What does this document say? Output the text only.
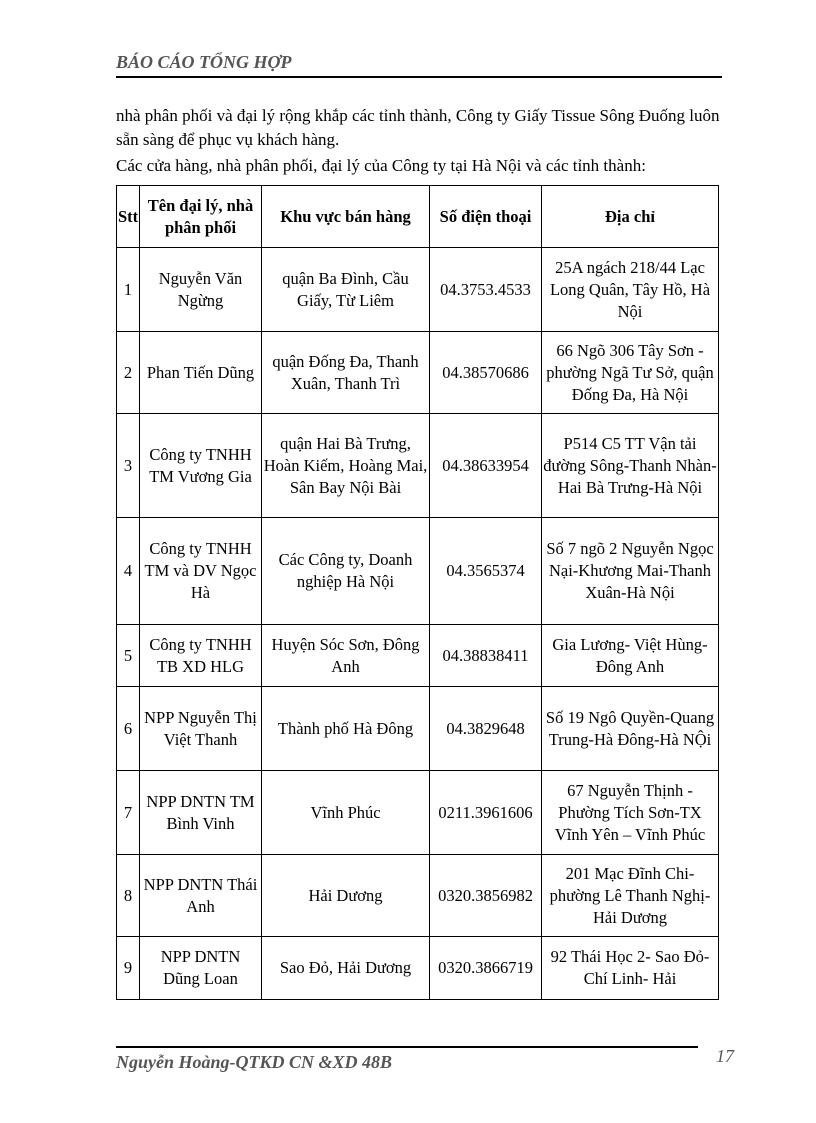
BÁO CÁO TỔNG HỢP

nhà phân phối và đại lý rộng khắp các tỉnh thành, Công ty Giấy Tissue Sông Đuống luôn sẵn sàng để phục vụ khách hàng.

Các cửa hàng, nhà phân phối, đại lý của Công ty tại Hà Nội và các tỉnh thành:

Stt	Tên đại lý, nhà phân phối	Khu vực bán hàng	Số điện thoại	Địa chỉ
1	Nguyễn Văn Ngừng	quận Ba Đình, Cầu Giấy, Từ Liêm	04.3753.4533	25A ngách 218/44 Lạc Long Quân, Tây Hồ, Hà Nội
2	Phan Tiến Dũng	quận Đống Đa, Thanh Xuân, Thanh Trì	04.38570686	66 Ngõ 306 Tây Sơn - phường Ngã Tư Sở, quận Đống Đa, Hà Nội
3	Công ty TNHH TM Vương Gia	quận Hai Bà Trưng, Hoàn Kiếm, Hoàng Mai, Sân Bay Nội Bài	04.38633954	P514 C5 TT Vận tải đường Sông-Thanh Nhàn-Hai Bà Trưng-Hà Nội
4	Công ty TNHH TM và DV Ngọc Hà	Các Công ty, Doanh nghiệp Hà Nội	04.3565374	Số 7 ngõ 2 Nguyễn Ngọc Nại-Khương Mai-Thanh Xuân-Hà Nội
5	Công ty TNHH TB XD HLG	Huyện Sóc Sơn, Đông Anh	04.38838411	Gia Lương- Việt Hùng- Đông Anh
6	NPP Nguyễn Thị Việt Thanh	Thành phố Hà Đông	04.3829648	Số 19 Ngô Quyền-Quang Trung-Hà Đông-Hà NỘi
7	NPP DNTN TM Bình Vinh	Vĩnh Phúc	0211.3961606	67 Nguyễn Thịnh - Phường Tích Sơn-TX Vĩnh Yên – Vĩnh Phúc
8	NPP DNTN Thái Anh	Hải Dương	0320.3856982	201 Mạc Đĩnh Chi-phường Lê Thanh Nghị- Hải Dương
9	NPP DNTN Dũng Loan	Sao Đỏ, Hải Dương	0320.3866719	92 Thái Học 2- Sao Đỏ-Chí Linh- Hải
Nguyễn Hoàng-QTKD CN &XD 48B	17
